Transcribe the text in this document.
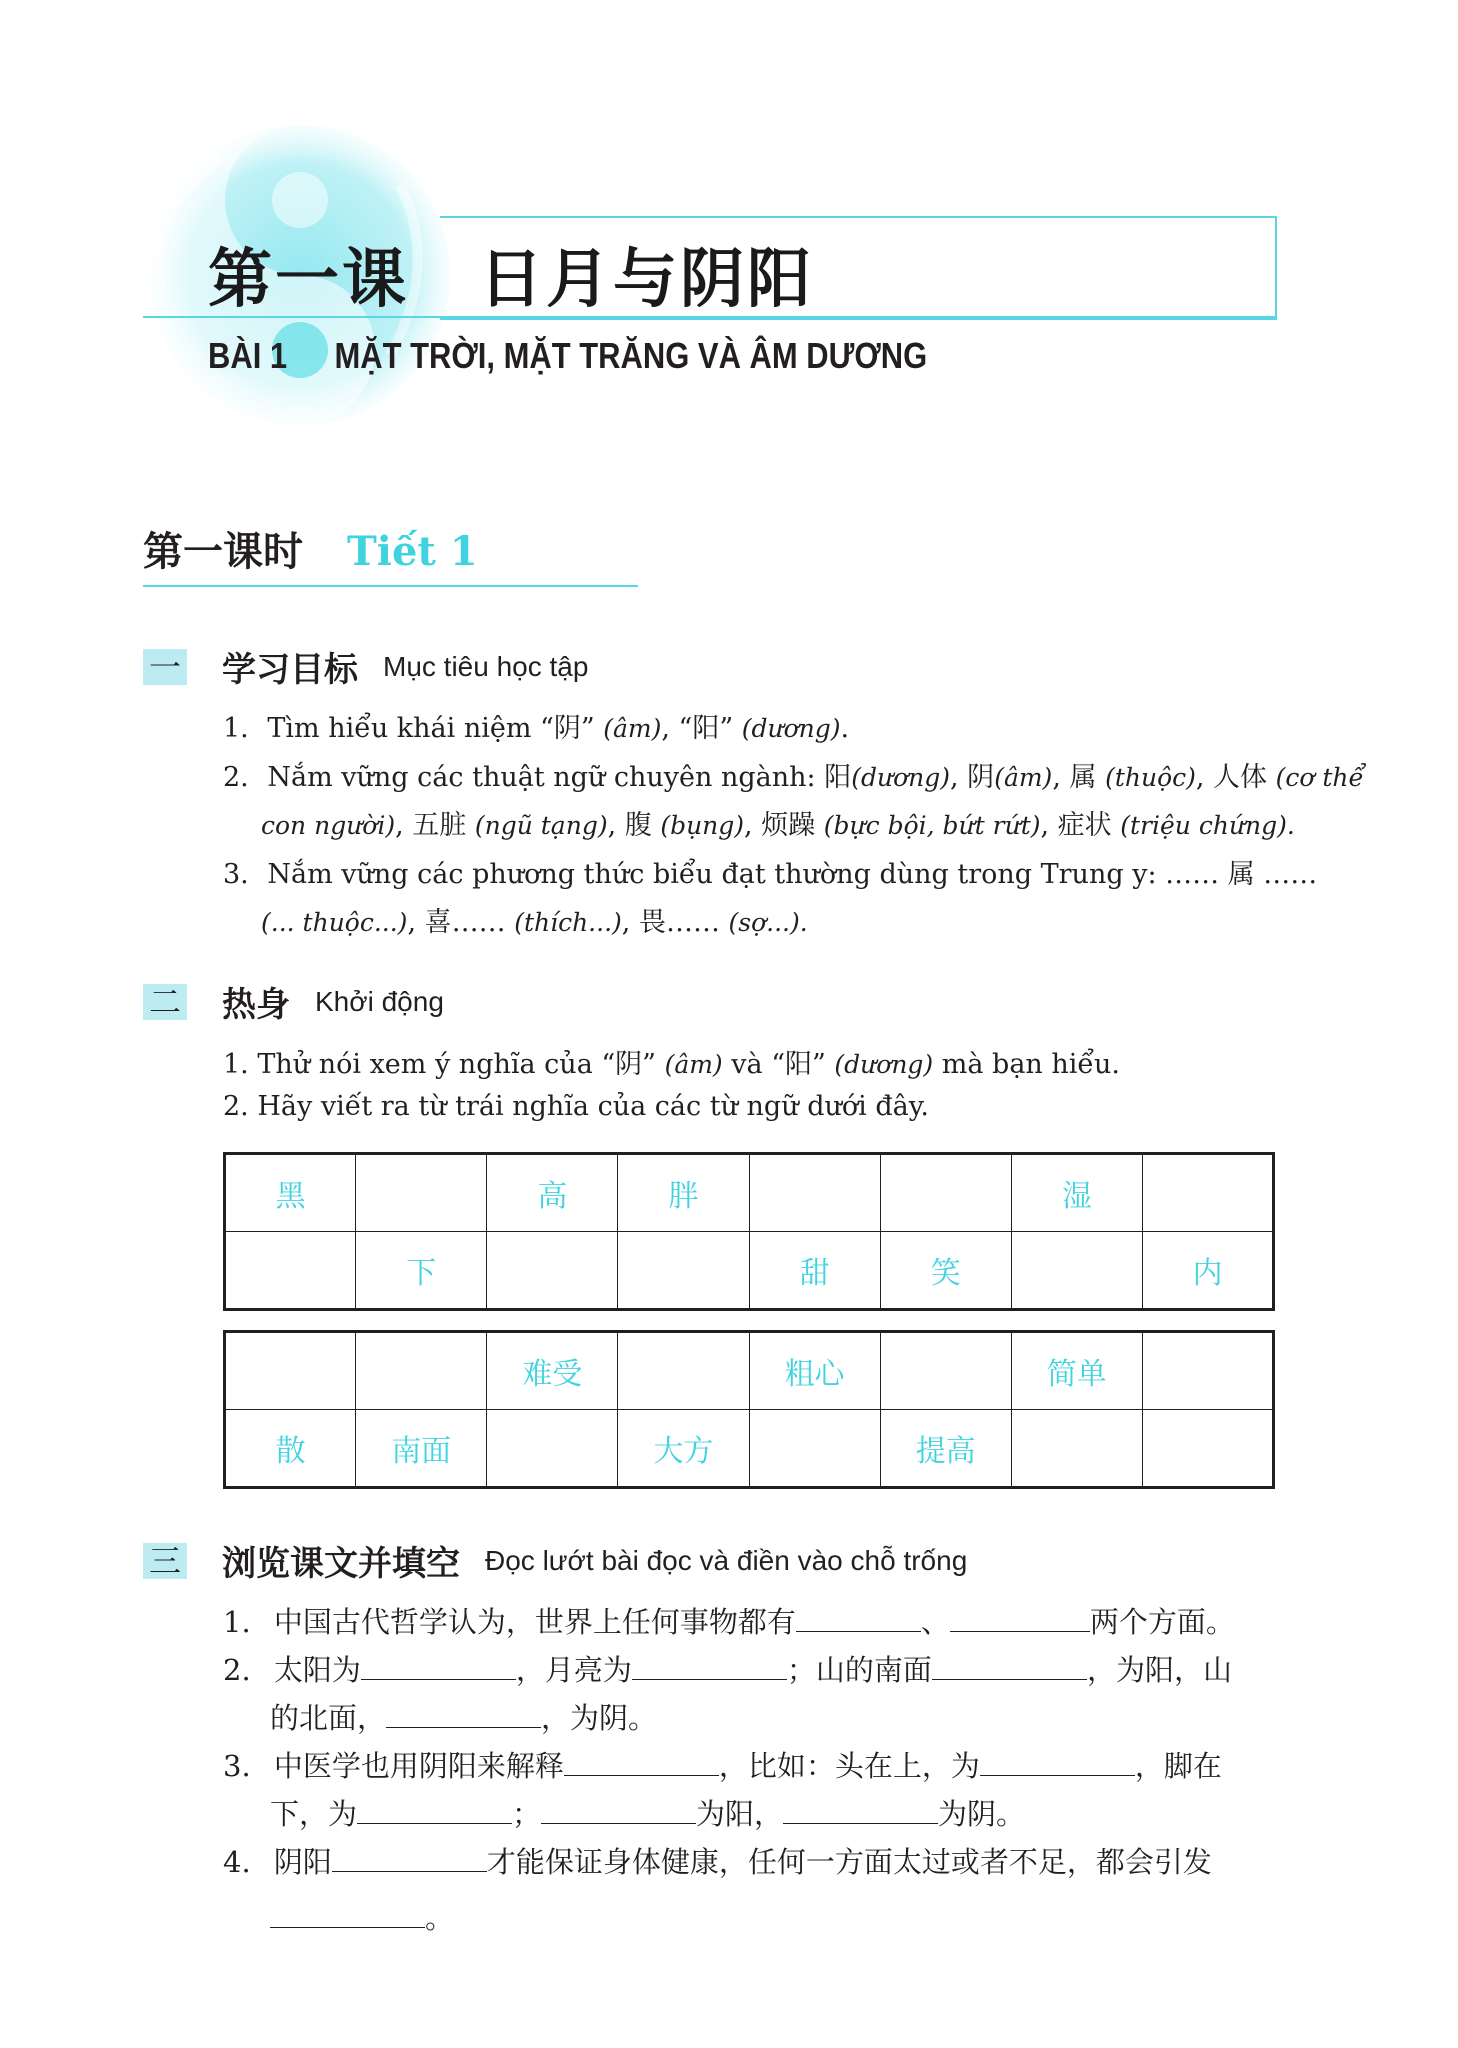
第一课 日月与阴阳
BÀI 1 MẶT TRỜI, MẶT TRĂNG VÀ ÂM DƯƠNG
第一课时 Tiết 1
一 学习目标 Mục tiêu học tập
1. Tìm hiểu khái niệm “阴” (âm), “阳” (dương).
2. Nắm vững các thuật ngữ chuyên ngành: 阳(dương), 阴(âm), 属 (thuộc), 人体 (cơ thể
con người), 五脏 (ngũ tạng), 腹 (bụng), 烦躁 (bực bội, bứt rứt), 症状 (triệu chứng).
3. Nắm vững các phương thức biểu đạt thường dùng trong Trung y: …… 属 ……
(... thuộc...), 喜…… (thích...), 畏…… (sợ...).
二 热身 Khởi động
1. Thử nói xem ý nghĩa của “阴” (âm) và “阳” (dương) mà bạn hiểu.
2. Hãy viết ra từ trái nghĩa của các từ ngữ dưới đây.
黑		高	胖			湿	
	下			甜	笑		内
		难受		粗心		简单	
散	南面		大方		提高		
三 浏览课文并填空 Đọc lướt bài đọc và điền vào chỗ trống
1. 中国古代哲学认为，世界上任何事物都有	、	两个方面。
2. 太阳为	，月亮为	；山的南面	，为阳，山
的北面，	，为阴。
3. 中医学也用阴阳来解释	，比如：头在上，为	，脚在
下，为	；	为阳，	为阴。
4. 阴阳	才能保证身体健康，任何一方面太过或者不足，都会引发
。
